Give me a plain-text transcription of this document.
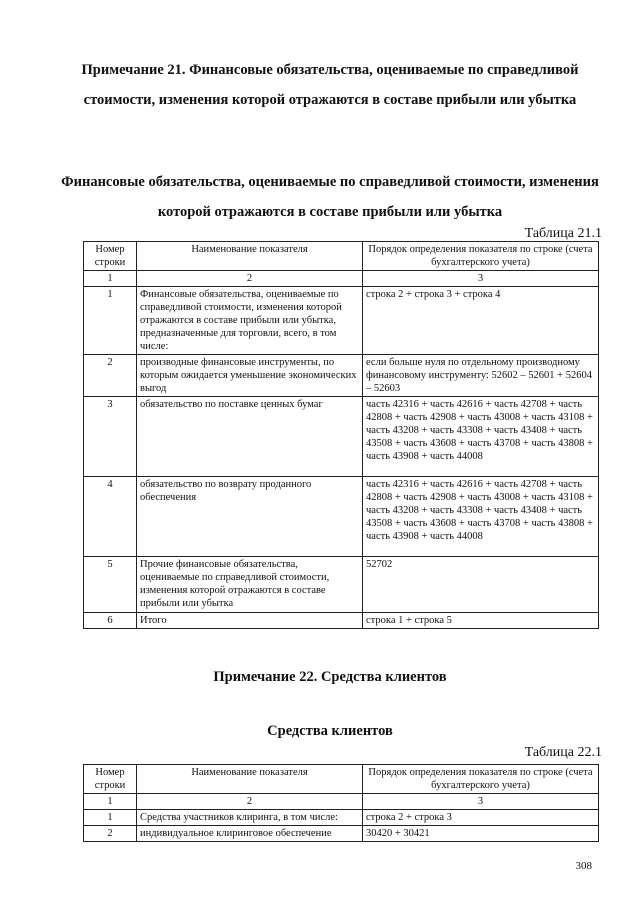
Примечание 21. Финансовые обязательства, оцениваемые по справедливой стоимости, изменения которой отражаются в составе прибыли или убытка
Финансовые обязательства, оцениваемые по справедливой стоимости, изменения которой отражаются в составе прибыли или убытка
Таблица 21.1
Номер строки	Наименование показателя	Порядок определения показателя по строке (счета бухгалтерского учета)
1	2	3
1	Финансовые обязательства, оцениваемые по справедливой стоимости, изменения которой отражаются в составе прибыли или убытка, предназначенные для торговли, всего, в том числе:	строка 2 + строка 3 + строка 4
2	производные финансовые инструменты, по которым ожидается уменьшение экономических выгод	если больше нуля по отдельному производному финансовому инструменту: 52602 – 52601 + 52604 – 52603
3	обязательство по поставке ценных бумаг	часть 42316 + часть 42616 + часть 42708 + часть 42808 + часть 42908 + часть 43008 + часть 43108 + часть 43208 + часть 43308 + часть 43408 + часть 43508 + часть 43608 + часть 43708 + часть 43808 + часть 43908 + часть 44008
4	обязательство по возврату проданного обеспечения	часть 42316 + часть 42616 + часть 42708 + часть 42808 + часть 42908 + часть 43008 + часть 43108 + часть 43208 + часть 43308 + часть 43408 + часть 43508 + часть 43608 + часть 43708 + часть 43808 + часть 43908 + часть 44008
5	Прочие финансовые обязательства, оцениваемые по справедливой стоимости, изменения которой отражаются в составе прибыли или убытка	52702
6	Итого	строка 1 + строка 5
Примечание 22. Средства клиентов
Средства клиентов
Таблица 22.1
Номер строки	Наименование показателя	Порядок определения показателя по строке (счета бухгалтерского учета)
1	2	3
1	Средства участников клиринга, в том числе:	строка 2 + строка 3
2	индивидуальное клиринговое обеспечение	30420 + 30421
308
